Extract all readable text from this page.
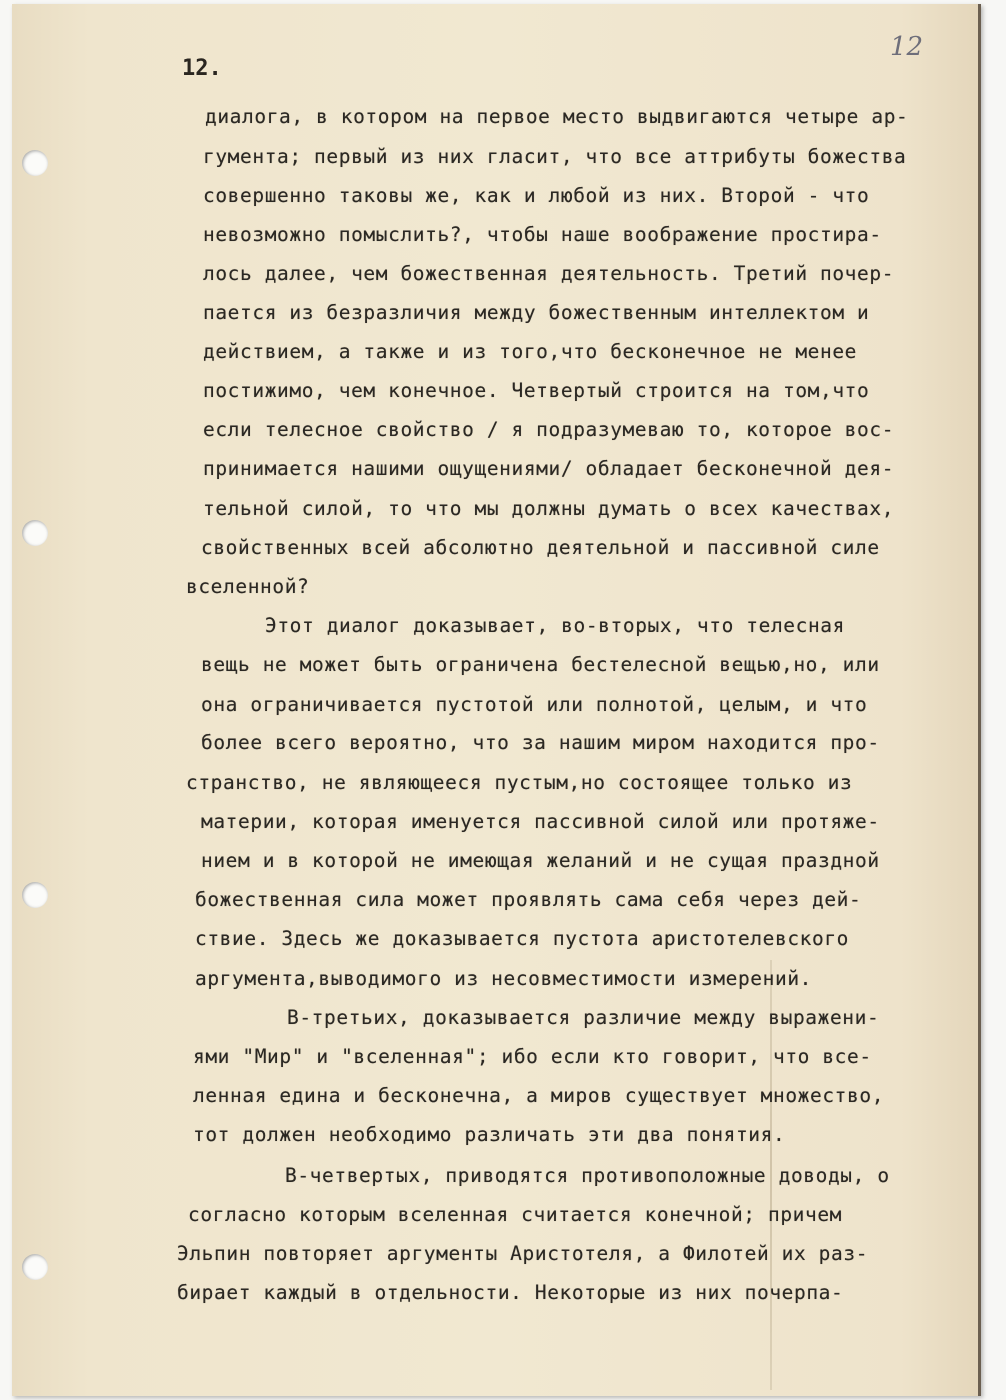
12.
12
диалога, в котором на первое место выдвигаются четыре ар-
гумента; первый из них гласит, что все аттрибуты божества
совершенно таковы же, как и любой из них. Второй - что
невозможно помыслить?, чтобы наше воображение простира-
лось далее, чем божественная деятельность. Третий почер-
пается из безразличия между божественным интеллектом и
действием, а также и из того,что бесконечное не менее
постижимо, чем конечное. Четвертый строится на том,что
если телесное свойство / я подразумеваю то, которое вос-
принимается нашими ощущениями/ обладает бесконечной дея-
тельной силой, то что мы должны думать о всех качествах,
свойственных всей абсолютно деятельной и пассивной силе
вселенной?
Этот диалог доказывает, во-вторых, что телесная
вещь не может быть ограничена бестелесной вещью,но, или
она ограничивается пустотой или полнотой, целым, и что
более всего вероятно, что за нашим миром находится про-
странство, не являющееся пустым,но состоящее только из
материи, которая именуется пассивной силой или протяже-
нием и в которой не имеющая желаний и не сущая праздной
божественная сила может проявлять сама себя через дей-
ствие. Здесь же доказывается пустота аристотелевского
аргумента,выводимого из несовместимости измерений.
В-третьих, доказывается различие между выражени-
ями "Мир" и "вселенная"; ибо если кто говорит, что все-
ленная едина и бесконечна, а миров существует множество,
тот должен необходимо различать эти два понятия.
В-четвертых, приводятся противоположные доводы, о
согласно которым вселенная считается конечной; причем
Эльпин повторяет аргументы Аристотеля, а Филотей их раз-
бирает каждый в отдельности. Некоторые из них почерпа-
